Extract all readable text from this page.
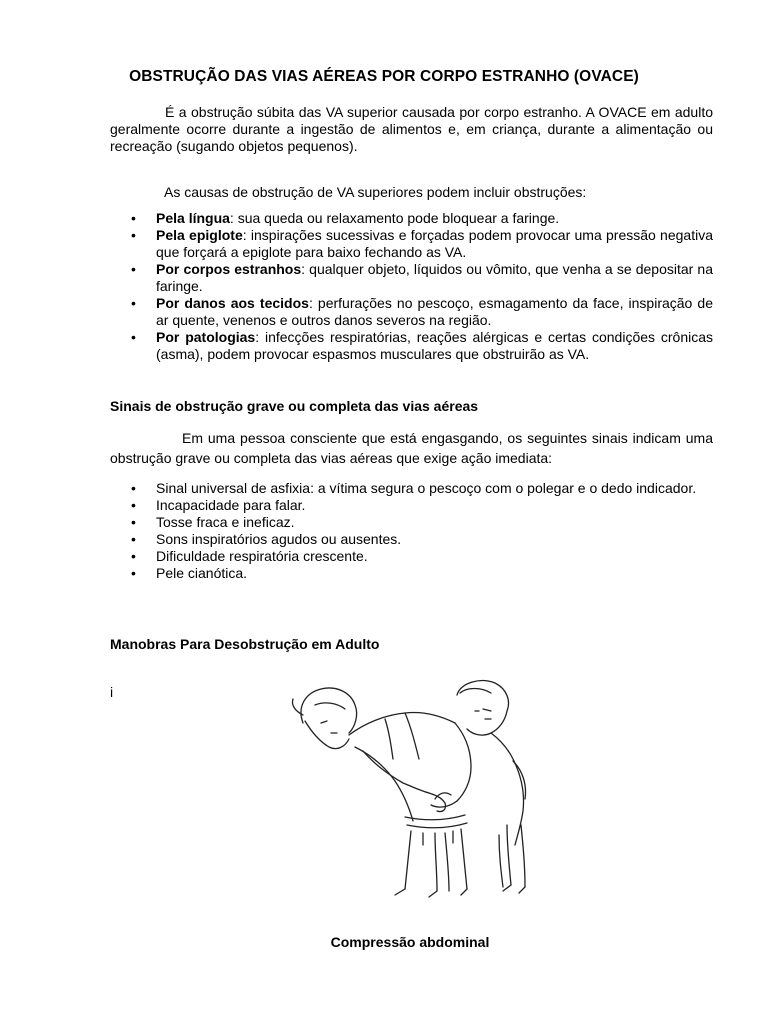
OBSTRUÇÃO DAS VIAS AÉREAS POR CORPO ESTRANHO (OVACE)
É a obstrução súbita das VA superior causada por corpo estranho. A OVACE em adulto geralmente ocorre durante a ingestão de alimentos e, em criança, durante a alimentação ou recreação (sugando objetos pequenos).
As causas de obstrução de VA superiores podem incluir obstruções:
• Pela língua: sua queda ou relaxamento pode bloquear a faringe.
• Pela epiglote: inspirações sucessivas e forçadas podem provocar uma pressão negativa que forçará a epiglote para baixo fechando as VA.
• Por corpos estranhos: qualquer objeto, líquidos ou vômito, que venha a se depositar na faringe.
• Por danos aos tecidos: perfurações no pescoço, esmagamento da face, inspiração de ar quente, venenos e outros danos severos na região.
• Por patologias: infecções respiratórias, reações alérgicas e certas condições crônicas (asma), podem provocar espasmos musculares que obstruirão as VA.
Sinais de obstrução grave ou completa das vias aéreas
Em uma pessoa consciente que está engasgando, os seguintes sinais indicam uma obstrução grave ou completa das vias aéreas que exige ação imediata:
• Sinal universal de asfixia: a vítima segura o pescoço com o polegar e o dedo indicador.
• Incapacidade para falar.
• Tosse fraca e ineficaz.
• Sons inspiratórios agudos ou ausentes.
• Dificuldade respiratória crescente.
• Pele cianótica.
Manobras Para Desobstrução em Adulto
i
Compressão abdominal
